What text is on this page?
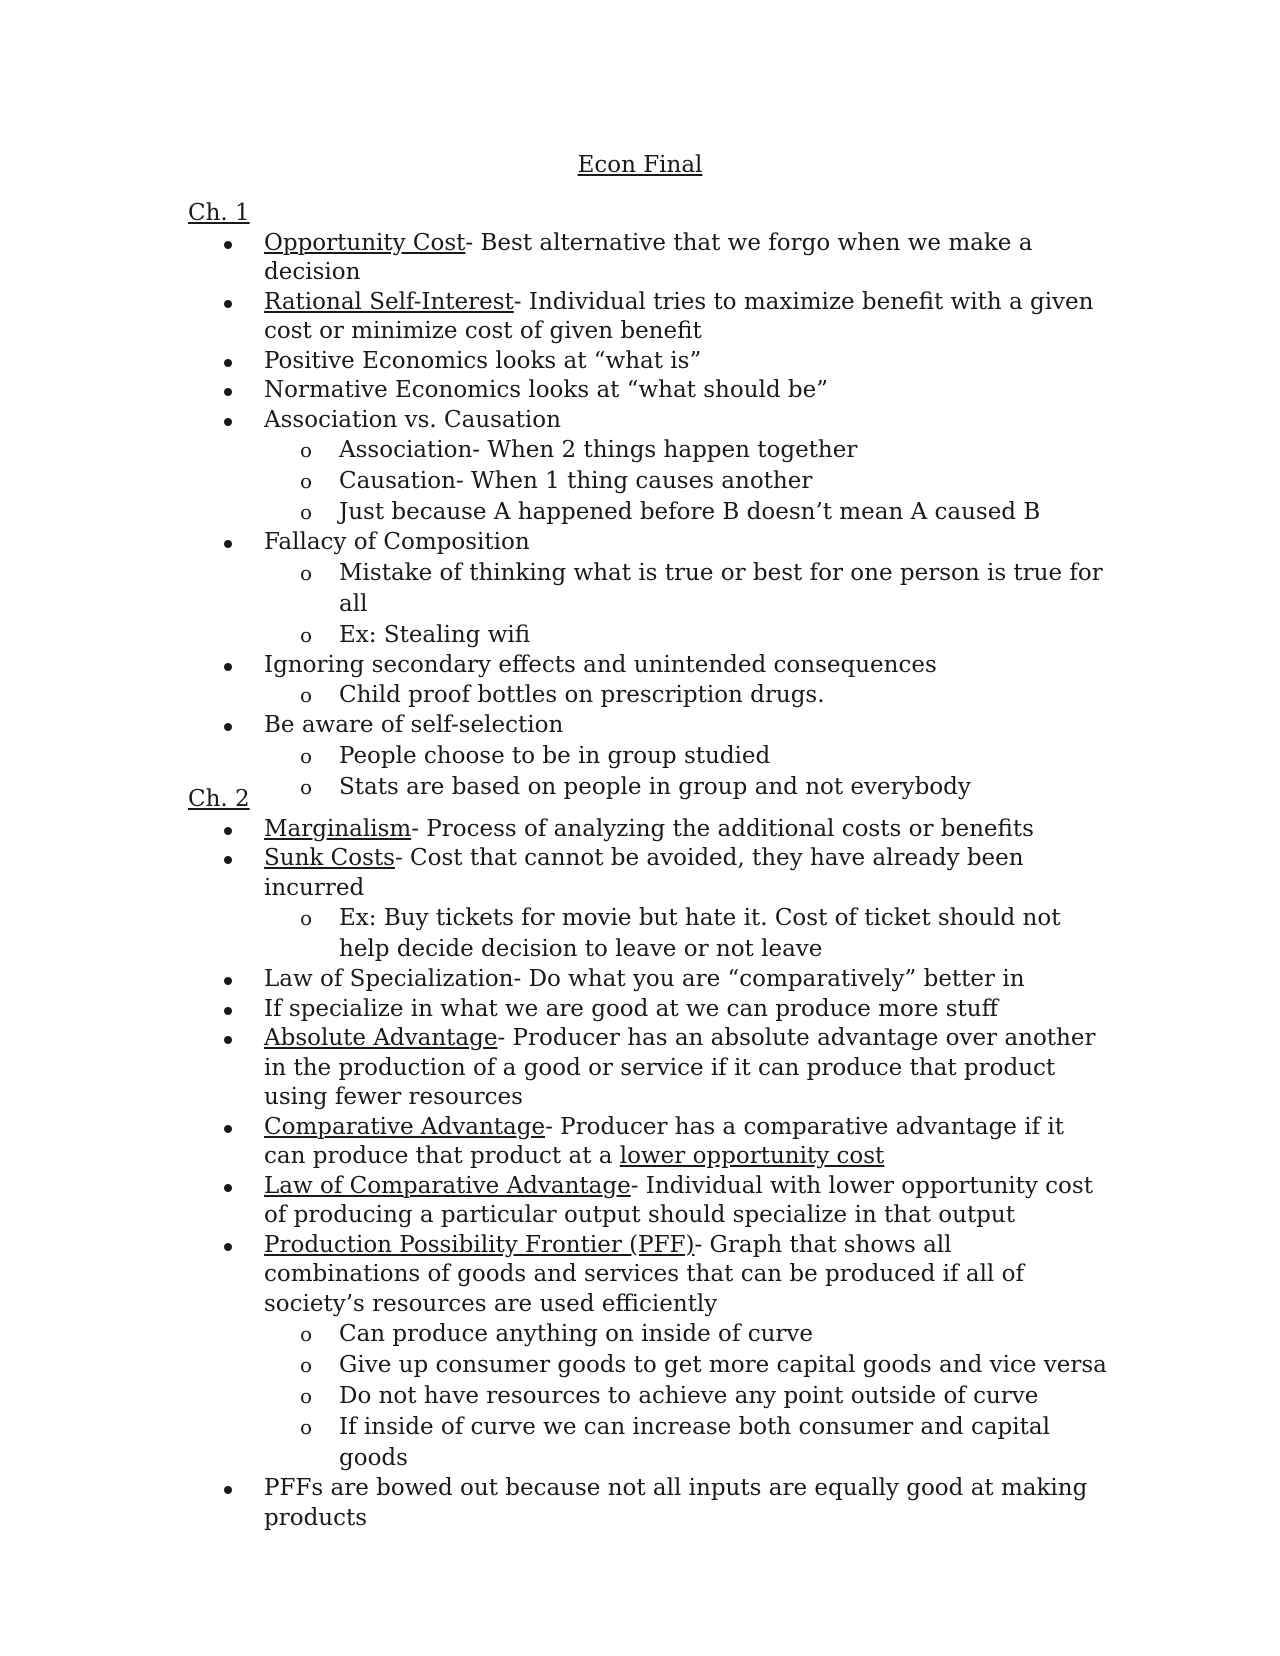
Econ Final
Ch. 1
Opportunity Cost- Best alternative that we forgo when we make a decision
Rational Self-Interest- Individual tries to maximize benefit with a given cost or minimize cost of given benefit
Positive Economics looks at “what is”
Normative Economics looks at “what should be”
Association vs. Causation
o Association- When 2 things happen together
o Causation- When 1 thing causes another
o Just because A happened before B doesn’t mean A caused B
Fallacy of Composition
o Mistake of thinking what is true or best for one person is true for all
o Ex: Stealing wifi
Ignoring secondary effects and unintended consequences
o Child proof bottles on prescription drugs.
Be aware of self-selection
o People choose to be in group studied
o Stats are based on people in group and not everybody
Ch. 2
Marginalism- Process of analyzing the additional costs or benefits
Sunk Costs- Cost that cannot be avoided, they have already been incurred
o Ex: Buy tickets for movie but hate it. Cost of ticket should not help decide decision to leave or not leave
Law of Specialization- Do what you are “comparatively” better in
If specialize in what we are good at we can produce more stuff
Absolute Advantage- Producer has an absolute advantage over another in the production of a good or service if it can produce that product using fewer resources
Comparative Advantage- Producer has a comparative advantage if it can produce that product at a lower opportunity cost
Law of Comparative Advantage- Individual with lower opportunity cost of producing a particular output should specialize in that output
Production Possibility Frontier (PFF)- Graph that shows all combinations of goods and services that can be produced if all of society’s resources are used efficiently
o Can produce anything on inside of curve
o Give up consumer goods to get more capital goods and vice versa
o Do not have resources to achieve any point outside of curve
o If inside of curve we can increase both consumer and capital goods
PFFs are bowed out because not all inputs are equally good at making products
